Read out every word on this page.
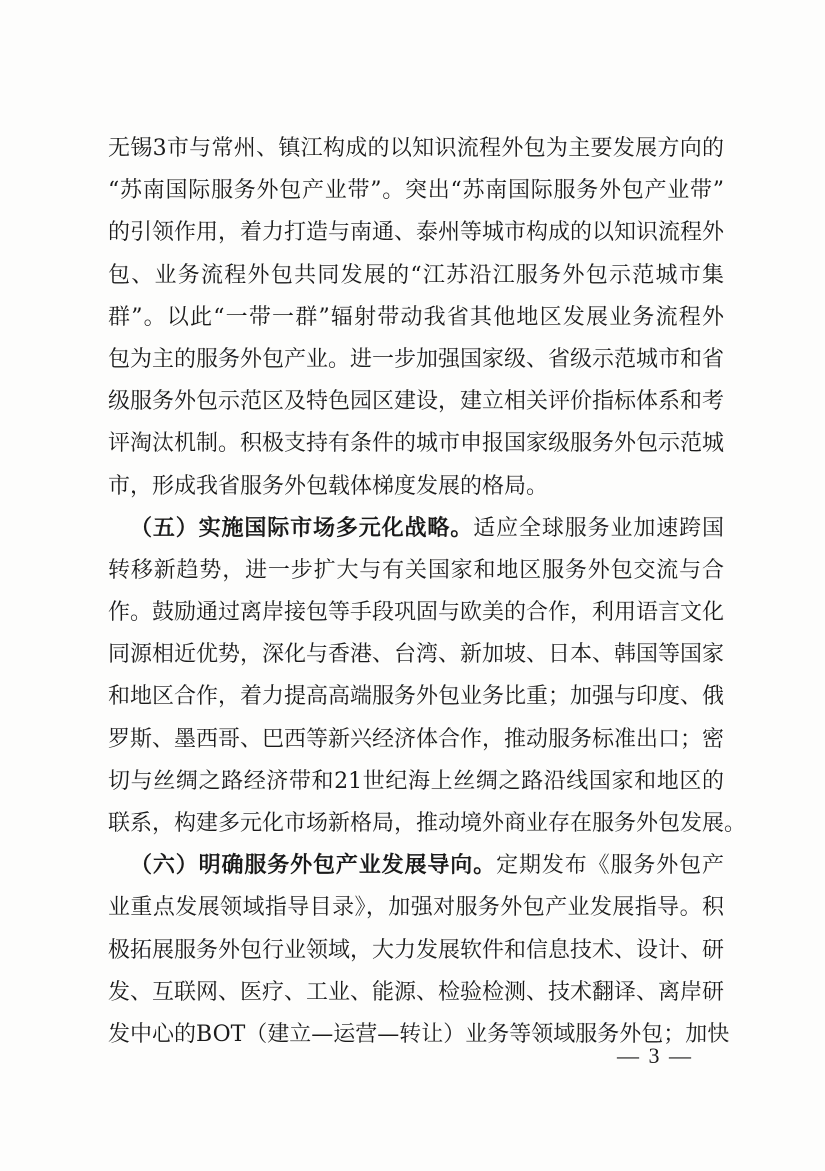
无锡3市与常州、镇江构成的以知识流程外包为主要发展方向的
“苏南国际服务外包产业带”。突出“苏南国际服务外包产业带”
的引领作用，着力打造与南通、泰州等城市构成的以知识流程外
包、业务流程外包共同发展的“江苏沿江服务外包示范城市集
群”。以此“一带一群”辐射带动我省其他地区发展业务流程外
包为主的服务外包产业。进一步加强国家级、省级示范城市和省
级服务外包示范区及特色园区建设，建立相关评价指标体系和考
评淘汰机制。积极支持有条件的城市申报国家级服务外包示范城
市，形成我省服务外包载体梯度发展的格局。
（五）实施国际市场多元化战略。适应全球服务业加速跨国
转移新趋势，进一步扩大与有关国家和地区服务外包交流与合
作。鼓励通过离岸接包等手段巩固与欧美的合作，利用语言文化
同源相近优势，深化与香港、台湾、新加坡、日本、韩国等国家
和地区合作，着力提高高端服务外包业务比重；加强与印度、俄
罗斯、墨西哥、巴西等新兴经济体合作，推动服务标准出口；密
切与丝绸之路经济带和21世纪海上丝绸之路沿线国家和地区的
联系，构建多元化市场新格局，推动境外商业存在服务外包发展。
（六）明确服务外包产业发展导向。定期发布《服务外包产
业重点发展领域指导目录》，加强对服务外包产业发展指导。积
极拓展服务外包行业领域，大力发展软件和信息技术、设计、研
发、互联网、医疗、工业、能源、检验检测、技术翻译、离岸研
发中心的BOT（建立—运营—转让）业务等领域服务外包；加快
— 3 —
